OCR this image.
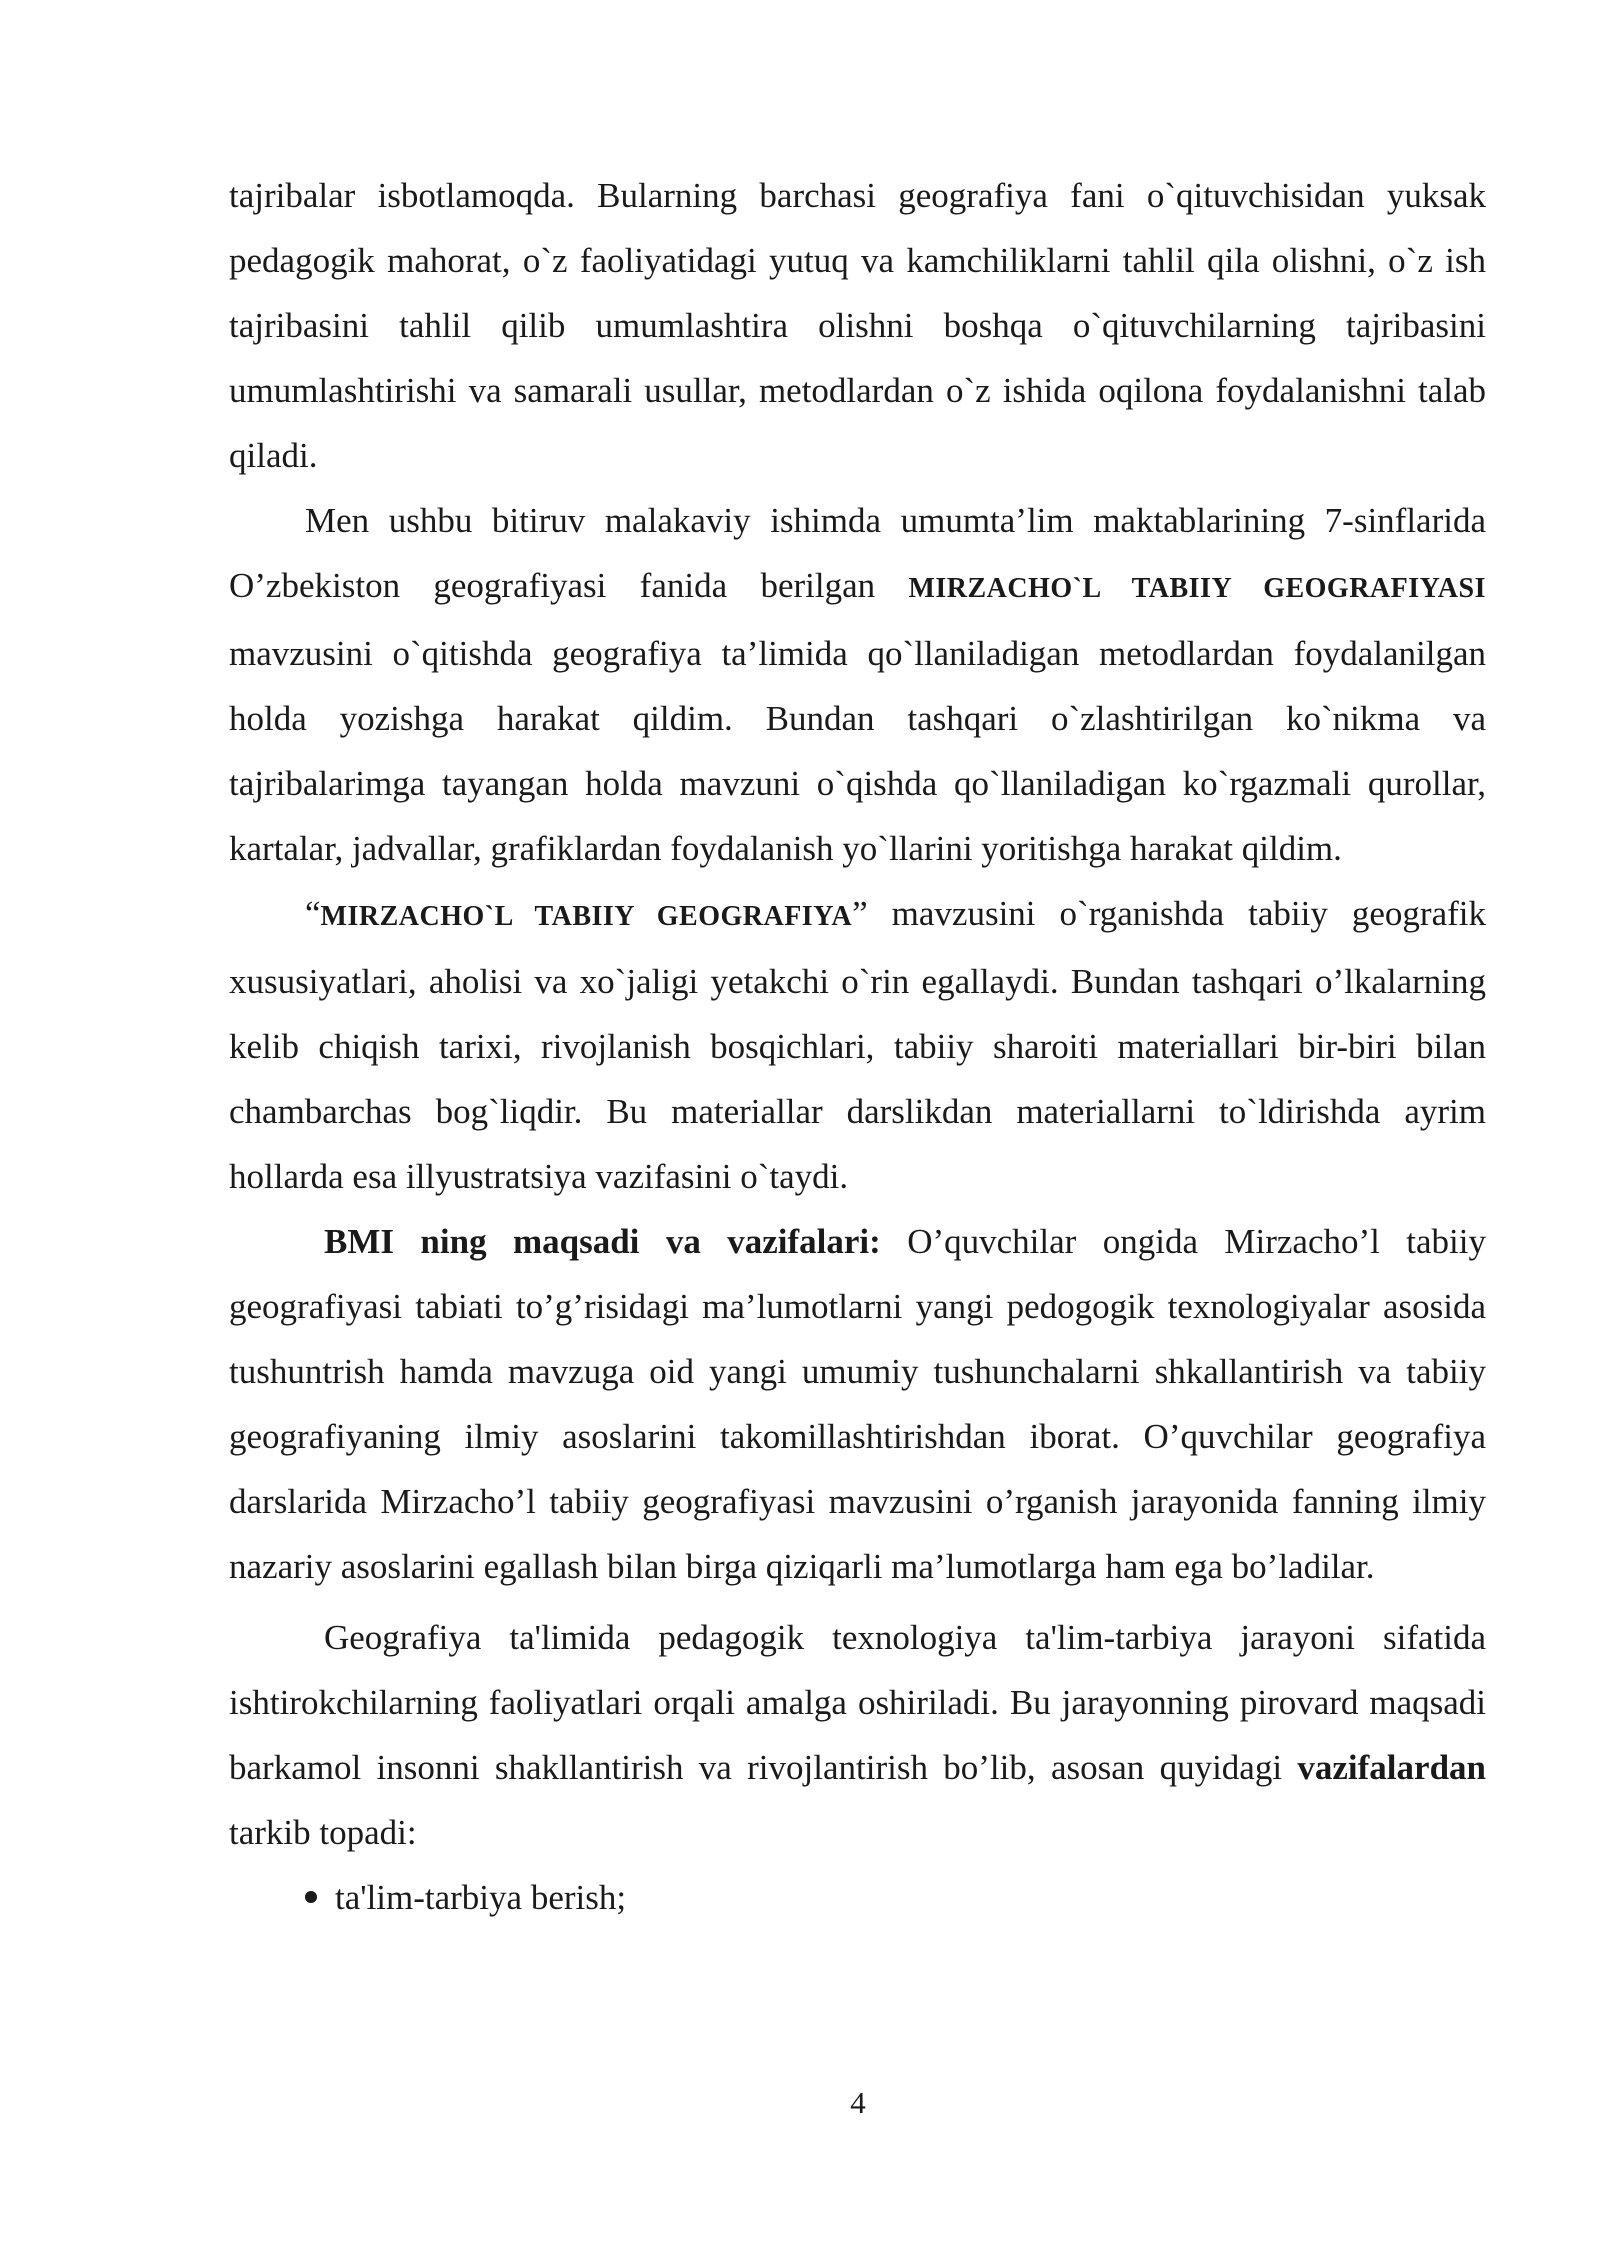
tajribalar isbotlamoqda. Bularning barchasi geografiya fani o`qituvchisidan yuksak pedagogik mahorat, o`z faoliyatidagi yutuq va kamchiliklarni tahlil qila olishni, o`z ish tajribasini tahlil qilib umumlashtira olishni boshqa o`qituvchilarning tajribasini umumlashtirishi va samarali usullar, metodlardan o`z ishida oqilona foydalanishni talab qiladi.

Men ushbu bitiruv malakaviy ishimda umumta’lim maktablarining 7-sinflarida O’zbekiston geografiyasi fanida berilgan MIRZACHO`L TABIIY GEOGRAFIYASI mavzusini o`qitishda geografiya ta’limida qo`llaniladigan metodlardan foydalanilgan holda yozishga harakat qildim. Bundan tashqari o`zlashtirilgan ko`nikma va tajribalarimga tayangan holda mavzuni o`qishda qo`llaniladigan ko`rgazmali qurollar, kartalar, jadvallar, grafiklardan foydalanish yo`llarini yoritishga harakat qildim.

“MIRZACHO`L TABIIY GEOGRAFIYA” mavzusini o`rganishda tabiiy geografik xususiyatlari, aholisi va xo`jaligi yetakchi o`rin egallaydi. Bundan tashqari o’lkalarning kelib chiqish tarixi, rivojlanish bosqichlari, tabiiy sharoiti materiallari bir-biri bilan chambarchas bog`liqdir. Bu materiallar darslikdan materiallarni to`ldirishda ayrim hollarda esa illyustratsiya vazifasini o`taydi.

BMI ning maqsadi va vazifalari: O’quvchilar ongida Mirzacho’l tabiiy geografiyasi tabiati to’g’risidagi ma’lumotlarni yangi pedogogik texnologiyalar asosida tushuntrish hamda mavzuga oid yangi umumiy tushunchalarni shkallantirish va tabiiy geografiyaning ilmiy asoslarini takomillashtirishdan iborat. O’quvchilar geografiya darslarida Mirzacho’l tabiiy geografiyasi mavzusini o’rganish jarayonida fanning ilmiy nazariy asoslarini egallash bilan birga qiziqarli ma’lumotlarga ham ega bo’ladilar.

Geografiya ta'limida pedagogik texnologiya ta'lim-tarbiya jarayoni sifatida ishtirokchilarning faoliyatlari orqali amalga oshiriladi. Bu jarayonning pirovard maqsadi barkamol insonni shakllantirish va rivojlantirish bo’lib, asosan quyidagi vazifalardan tarkib topadi:

ta'lim-tarbiya berish;
4
